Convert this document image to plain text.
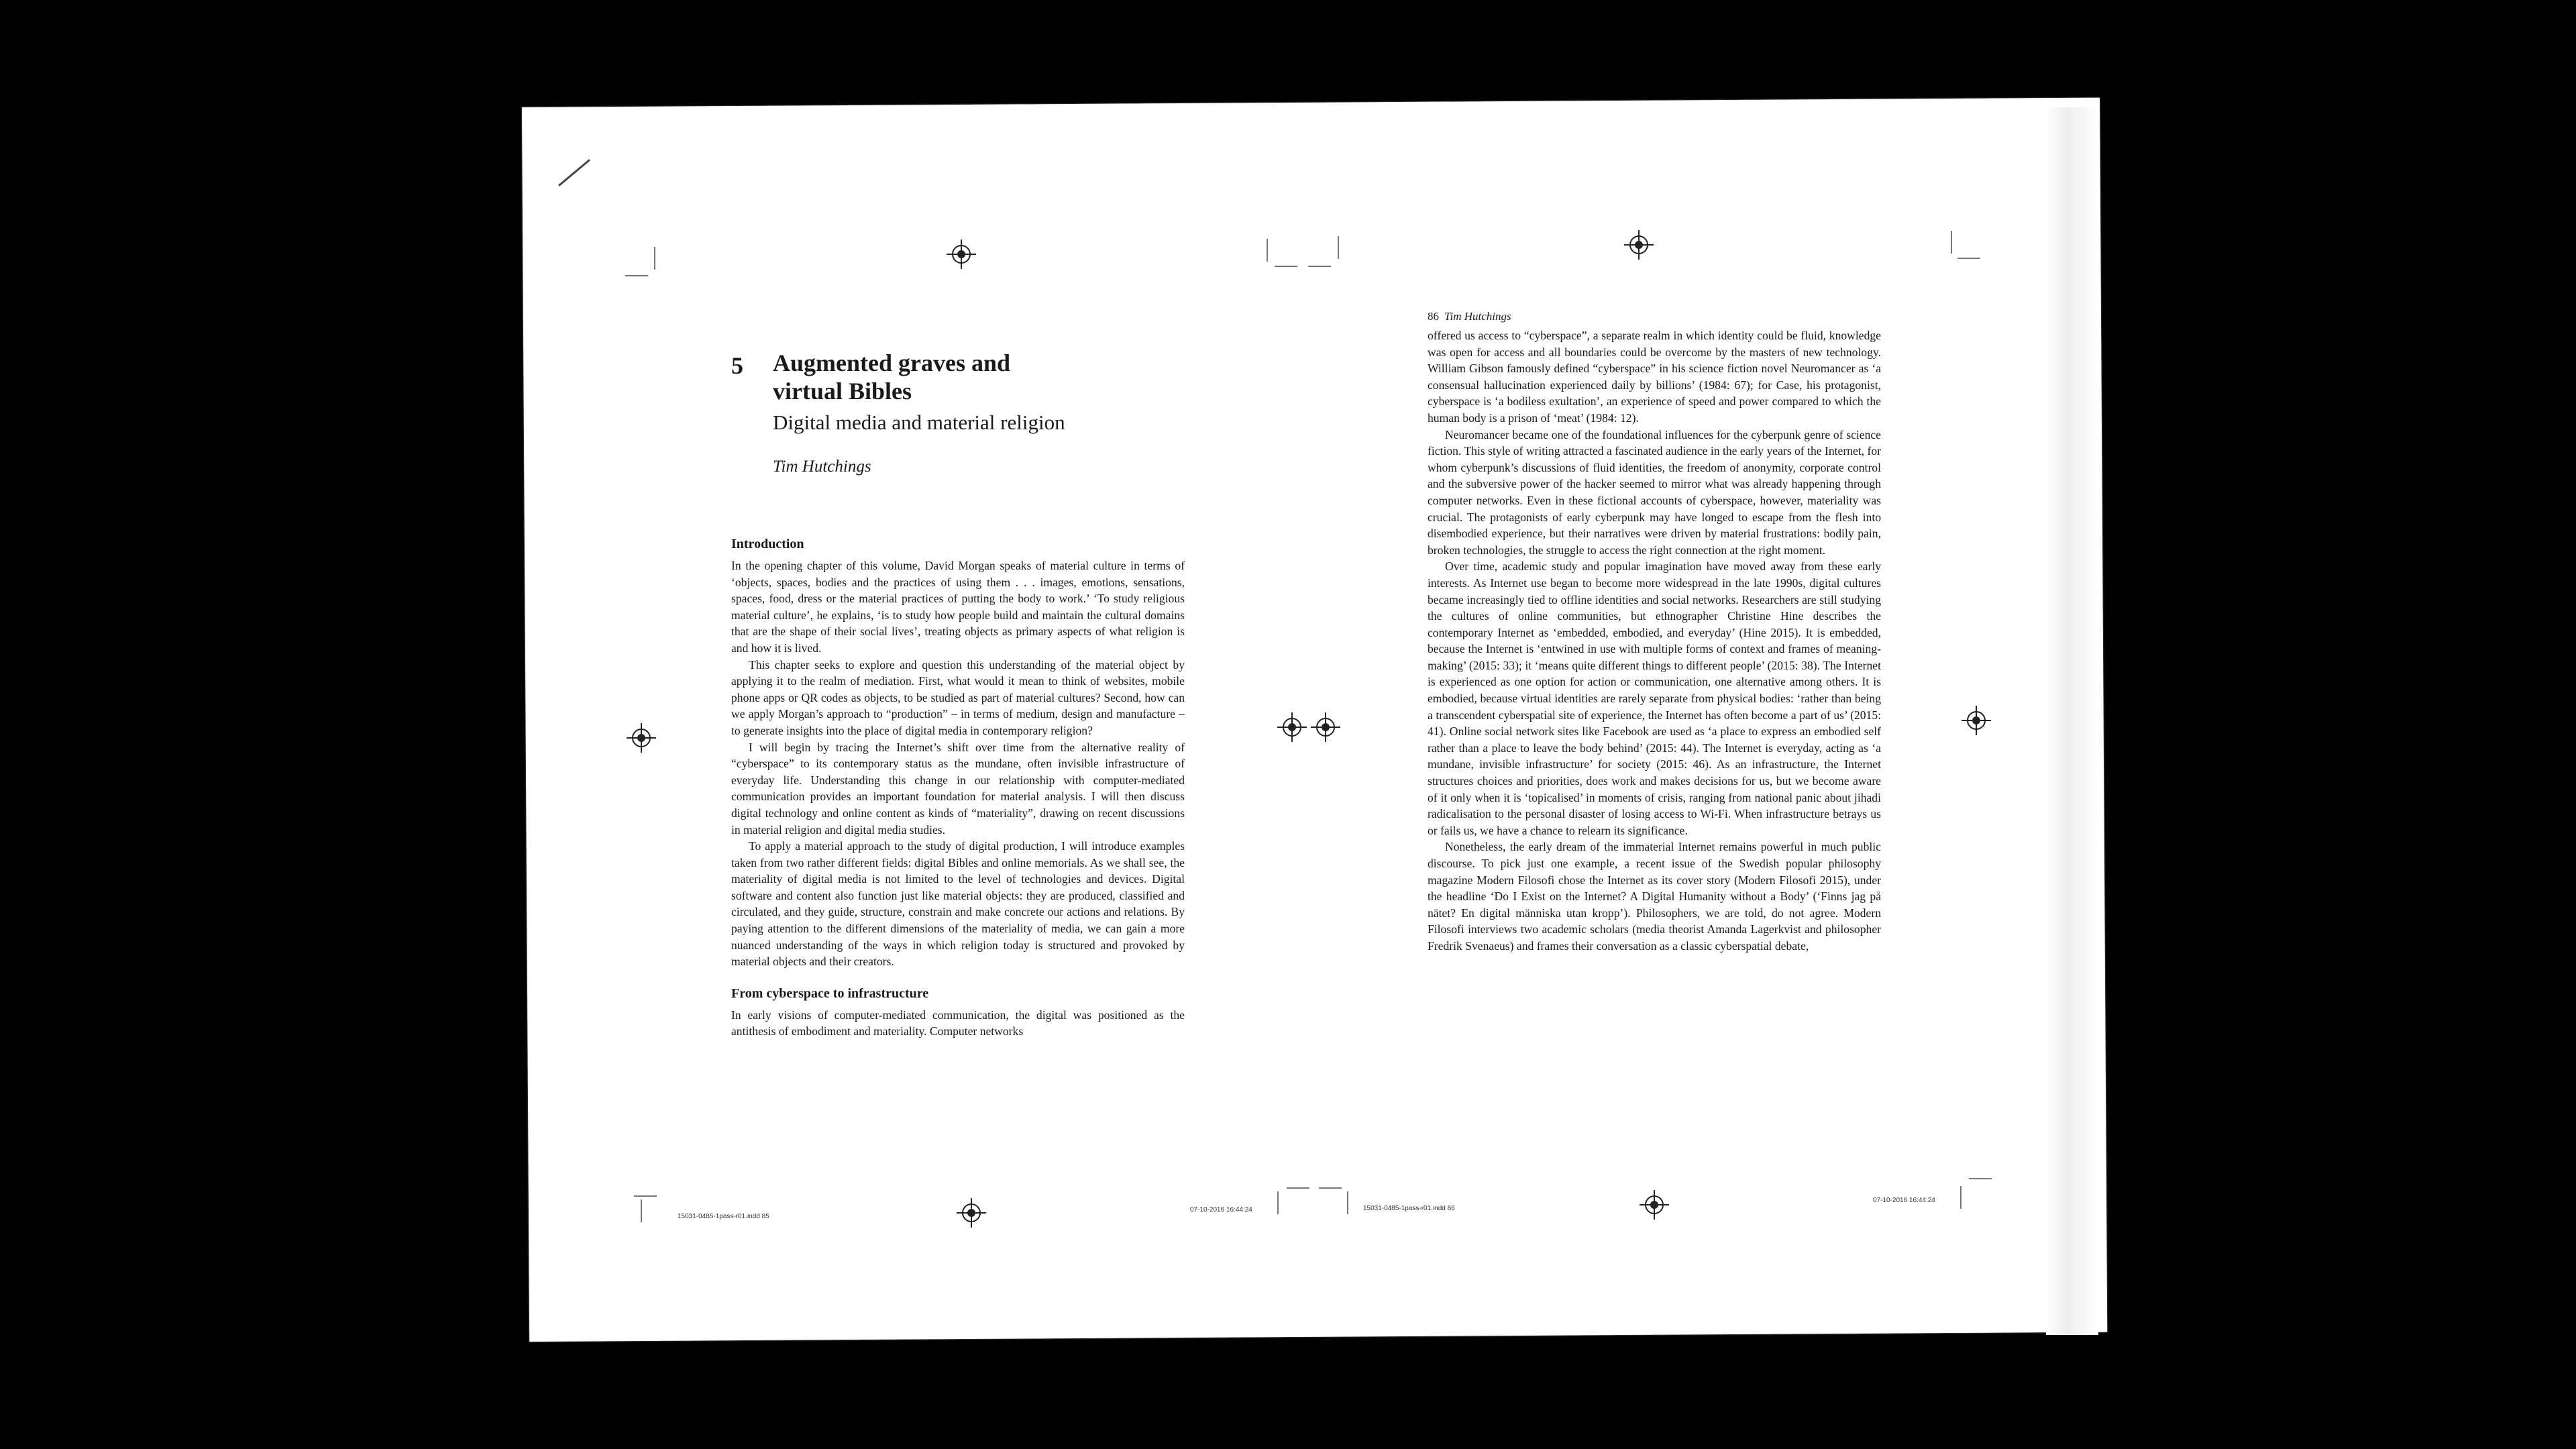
5 Augmented graves and
virtual Bibles
Digital media and material religion
Tim Hutchings
Introduction

In the opening chapter of this volume, David Morgan speaks of material culture in terms of ‘objects, spaces, bodies and the practices of using them . . . images, emotions, sensations, spaces, food, dress or the material practices of putting the body to work.’ ‘To study religious material culture’, he explains, ‘is to study how people build and maintain the cultural domains that are the shape of their social lives’, treating objects as primary aspects of what religion is and how it is lived.

This chapter seeks to explore and question this understanding of the material object by applying it to the realm of mediation. First, what would it mean to think of websites, mobile phone apps or QR codes as objects, to be studied as part of material cultures? Second, how can we apply Morgan’s approach to “production” – in terms of medium, design and manufacture – to generate insights into the place of digital media in contemporary religion?

I will begin by tracing the Internet’s shift over time from the alternative reality of “cyberspace” to its contemporary status as the mundane, often invisible infrastructure of everyday life. Understanding this change in our relationship with computer-mediated communication provides an important foundation for material analysis. I will then discuss digital technology and online content as kinds of “materiality”, drawing on recent discussions in material religion and digital media studies.

To apply a material approach to the study of digital production, I will introduce examples taken from two rather different fields: digital Bibles and online memorials. As we shall see, the materiality of digital media is not limited to the level of technologies and devices. Digital software and content also function just like material objects: they are produced, classified and circulated, and they guide, structure, constrain and make concrete our actions and relations. By paying attention to the different dimensions of the materiality of media, we can gain a more nuanced understanding of the ways in which religion today is structured and provoked by material objects and their creators.

From cyberspace to infrastructure

In early visions of computer-mediated communication, the digital was positioned as the antithesis of embodiment and materiality. Computer networks

86 Tim Hutchings

offered us access to “cyberspace”, a separate realm in which identity could be fluid, knowledge was open for access and all boundaries could be overcome by the masters of new technology. William Gibson famously defined “cyberspace” in his science fiction novel Neuromancer as ‘a consensual hallucination experienced daily by billions’ (1984: 67); for Case, his protagonist, cyberspace is ‘a bodiless exultation’, an experience of speed and power compared to which the human body is a prison of ‘meat’ (1984: 12).

Neuromancer became one of the foundational influences for the cyberpunk genre of science fiction. This style of writing attracted a fascinated audience in the early years of the Internet, for whom cyberpunk’s discussions of fluid identities, the freedom of anonymity, corporate control and the subversive power of the hacker seemed to mirror what was already happening through computer networks. Even in these fictional accounts of cyberspace, however, materiality was crucial. The protagonists of early cyberpunk may have longed to escape from the flesh into disembodied experience, but their narratives were driven by material frustrations: bodily pain, broken technologies, the struggle to access the right connection at the right moment.

Over time, academic study and popular imagination have moved away from these early interests. As Internet use began to become more widespread in the late 1990s, digital cultures became increasingly tied to offline identities and social networks. Researchers are still studying the cultures of online communities, but ethnographer Christine Hine describes the contemporary Internet as ‘embedded, embodied, and everyday’ (Hine 2015). It is embedded, because the Internet is ‘entwined in use with multiple forms of context and frames of meaning-making’ (2015: 33); it ‘means quite different things to different people’ (2015: 38). The Internet is experienced as one option for action or communication, one alternative among others. It is embodied, because virtual identities are rarely separate from physical bodies: ‘rather than being a transcendent cyberspatial site of experience, the Internet has often become a part of us’ (2015: 41). Online social network sites like Facebook are used as ‘a place to express an embodied self rather than a place to leave the body behind’ (2015: 44). The Internet is everyday, acting as ‘a mundane, invisible infrastructure’ for society (2015: 46). As an infrastructure, the Internet structures choices and priorities, does work and makes decisions for us, but we become aware of it only when it is ‘topicalised’ in moments of crisis, ranging from national panic about jihadi radicalisation to the personal disaster of losing access to Wi-Fi. When infrastructure betrays us or fails us, we have a chance to relearn its significance.

Nonetheless, the early dream of the immaterial Internet remains powerful in much public discourse. To pick just one example, a recent issue of the Swedish popular philosophy magazine Modern Filosofi chose the Internet as its cover story (Modern Filosofi 2015), under the headline ‘Do I Exist on the Internet? A Digital Humanity without a Body’ (‘Finns jag på nätet? En digital människa utan kropp’). Philosophers, we are told, do not agree. Modern Filosofi interviews two academic scholars (media theorist Amanda Lagerkvist and philosopher Fredrik Svenaeus) and frames their conversation as a classic cyberspatial debate,

15031-0485-1pass-r01.indd 85
07-10-2016 16:44:24	15031-0485-1pass-r01.indd 86
07-10-2016 16:44:24
